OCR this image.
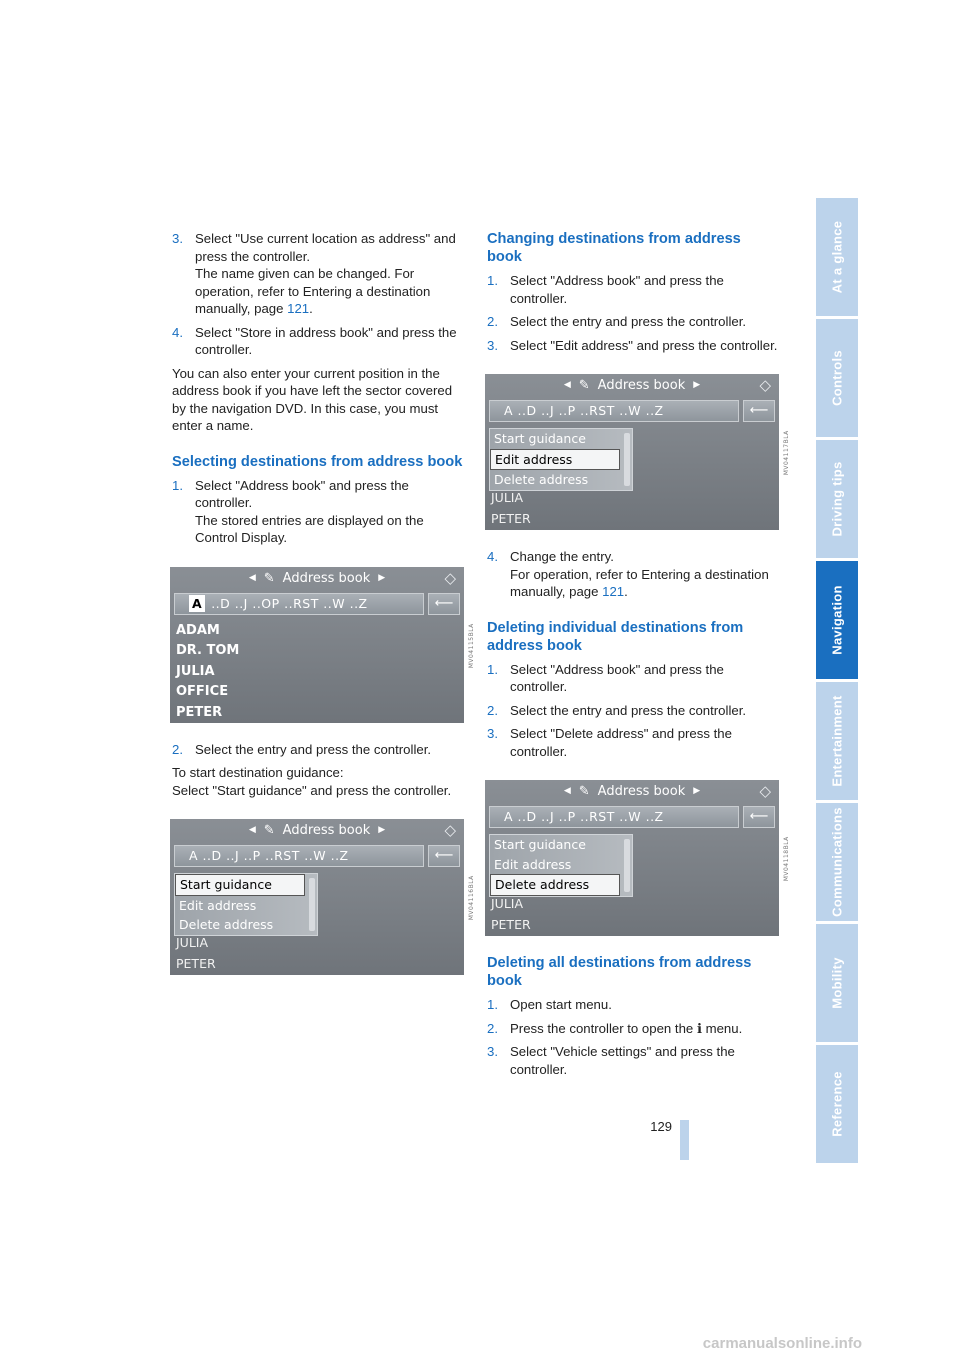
3. Select "Use current location as address" and press the controller.
The name given can be changed. For operation, refer to Entering a destination manually, page 121.
4. Select "Store in address book" and press the controller.

You can also enter your current position in the address book if you have left the sector covered by the navigation DVD. In this case, you must enter a name.

Selecting destinations from address book
1. Select "Address book" and press the controller.
The stored entries are displayed on the Control Display.
◀ ✎ Address book ▶	◇
A ..D ..J ..OP ..RST ..W ..Z	⟵
ADAM
DR. TOM
JULIA
OFFICE
PETER
MV04115BLA
2. Select the entry and press the controller.
To start destination guidance:
Select "Start guidance" and press the controller.
◀ ✎ Address book ▶	◇
A ..D ..J ..P ..RST ..W ..Z	⟵
Start guidance
Edit address
Delete address
JULIA
PETER
MV04116BLA
Changing destinations from address book
1. Select "Address book" and press the controller.
2. Select the entry and press the controller.
3. Select "Edit address" and press the controller.
◀ ✎ Address book ▶	◇
A ..D ..J ..P ..RST ..W ..Z	⟵
Start guidance
Edit address
Delete address
JULIA
PETER
MV04117BLA
4. Change the entry.
For operation, refer to Entering a destination manually, page 121.
Deleting individual destinations from address book
1. Select "Address book" and press the controller.
2. Select the entry and press the controller.
3. Select "Delete address" and press the controller.
◀ ✎ Address book ▶	◇
A ..D ..J ..P ..RST ..W ..Z	⟵
Start guidance
Edit address
Delete address
JULIA
PETER
MV04118BLA
Deleting all destinations from address book
1. Open start menu.
2. Press the controller to open the ℹ menu.
3. Select "Vehicle settings" and press the controller.
At a glance
Controls
Driving tips
Navigation
Entertainment
Communications
Mobility
Reference
129
carmanualsonline.info
